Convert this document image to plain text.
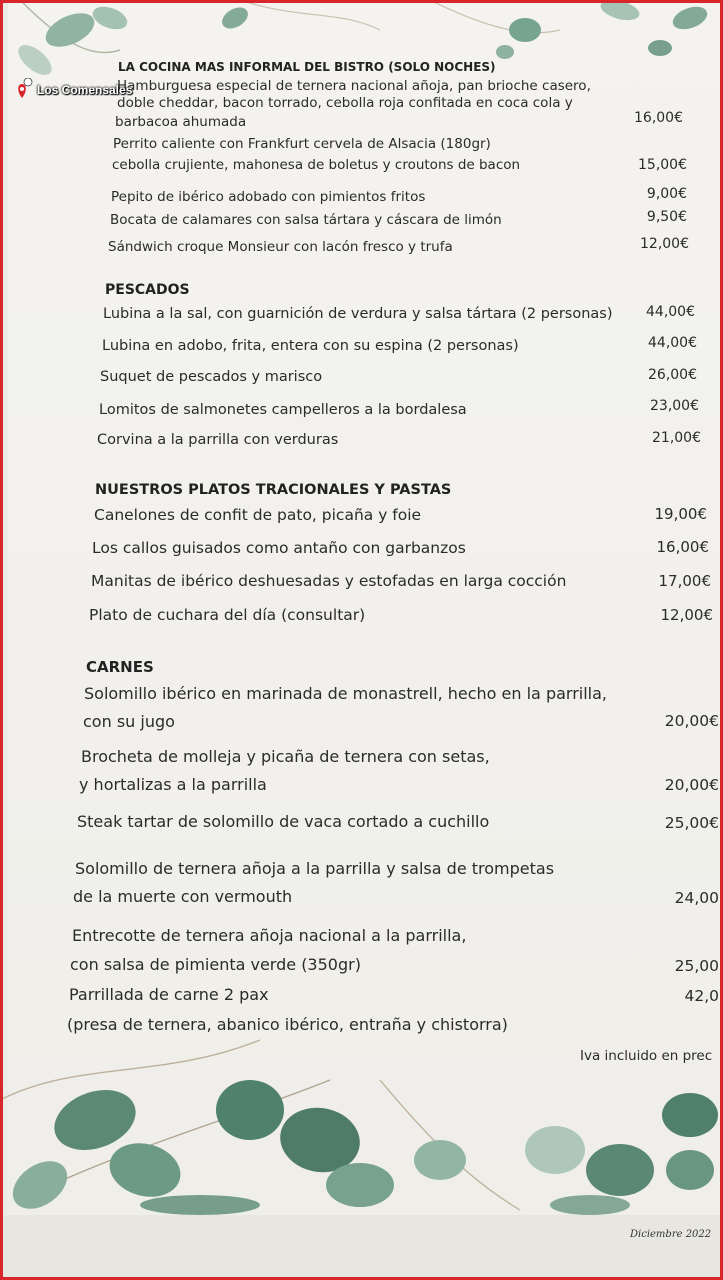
Los Comensales
LA COCINA MAS INFORMAL DEL BISTRO (SOLO NOCHES)
Hamburguesa especial de ternera nacional añoja, pan brioche casero,
doble cheddar, bacon torrado, cebolla roja confitada en coca cola y
barbacoa ahumada	16,00€
Perrito caliente con Frankfurt cervela de Alsacia (180gr)
cebolla crujiente, mahonesa de boletus y croutons de bacon	15,00€
Pepito de ibérico adobado con pimientos fritos	9,00€
Bocata de calamares con salsa tártara y cáscara de limón	9,50€
Sándwich croque Monsieur con lacón fresco y trufa	12,00€
PESCADOS
Lubina a la sal, con guarnición de verdura y salsa tártara (2 personas) 44,00€
Lubina en adobo, frita, entera con su espina (2 personas)	44,00€
Suquet de pescados y marisco	26,00€
Lomitos de salmonetes campelleros a la bordalesa	23,00€
Corvina a la parrilla con verduras	21,00€
NUESTROS PLATOS TRACIONALES Y PASTAS
Canelones de confit de pato, picaña y foie	19,00€
Los callos guisados como antaño con garbanzos	16,00€
Manitas de ibérico deshuesadas y estofadas en larga cocción	17,00€
Plato de cuchara del día (consultar)	12,00€
CARNES
Solomillo ibérico en marinada de monastrell, hecho en la parrilla,
con su jugo	20,00€
Brocheta de molleja y picaña de ternera con setas,
y hortalizas a la parrilla	20,00€
Steak tartar de solomillo de vaca cortado a cuchillo	25,00€
Solomillo de ternera añoja a la parrilla y salsa de trompetas
de la muerte con vermouth	24,00
Entrecotte de ternera añoja nacional a la parrilla,
con salsa de pimienta verde (350gr)	25,00
Parrillada de carne 2 pax	42,0
(presa de ternera, abanico ibérico, entraña y chistorra)
Iva incluido en prec
Diciembre 2022
